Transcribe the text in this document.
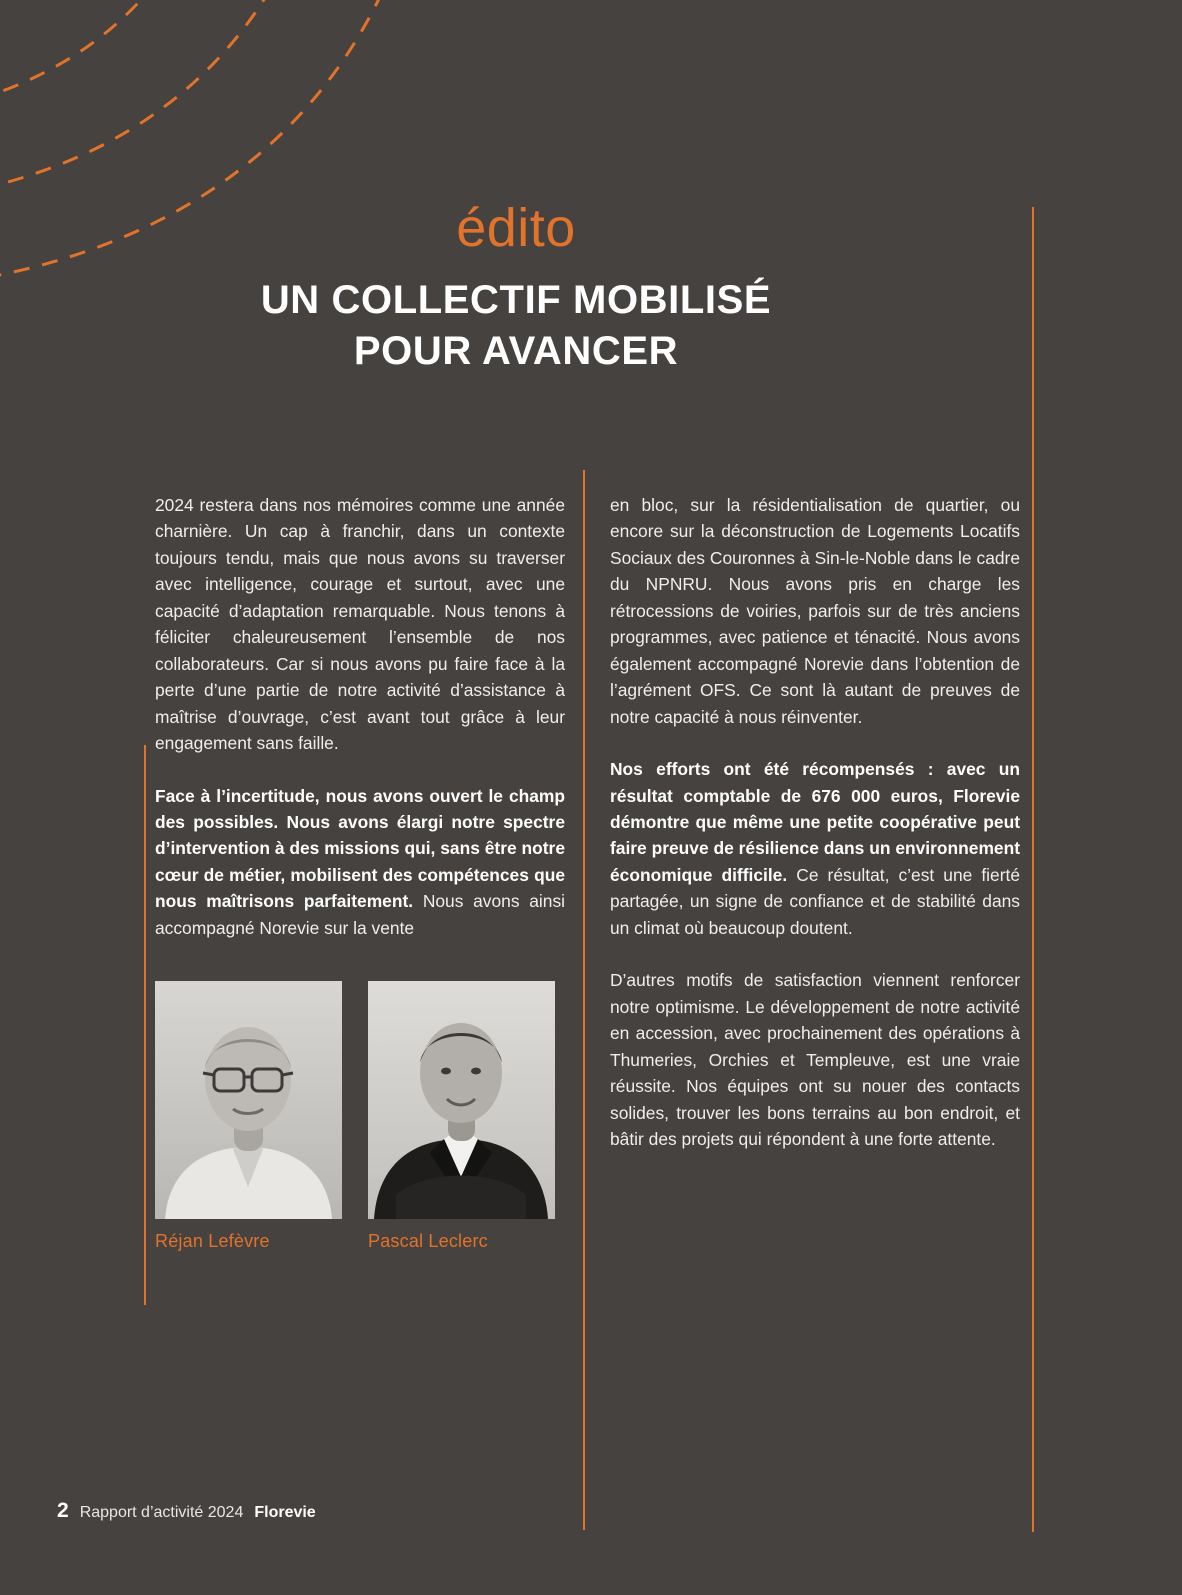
édito
UN COLLECTIF MOBILISÉ
POUR AVANCER

2024 restera dans nos mémoires comme une année charnière. Un cap à franchir, dans un contexte toujours tendu, mais que nous avons su traverser avec intelligence, courage et surtout, avec une capacité d’adaptation remarquable. Nous tenons à féliciter chaleureusement l’ensemble de nos collaborateurs. Car si nous avons pu faire face à la perte d’une partie de notre activité d’assistance à maîtrise d’ouvrage, c’est avant tout grâce à leur engagement sans faille.

Face à l’incertitude, nous avons ouvert le champ des possibles. Nous avons élargi notre spectre d’intervention à des missions qui, sans être notre cœur de métier, mobilisent des compétences que nous maîtrisons parfaitement. Nous avons ainsi accompagné Norevie sur la vente

Réjan Lefèvre	Pascal Leclerc

en bloc, sur la résidentialisation de quartier, ou encore sur la déconstruction de Logements Locatifs Sociaux des Couronnes à Sin-le-Noble dans le cadre du NPNRU. Nous avons pris en charge les rétrocessions de voiries, parfois sur de très anciens programmes, avec patience et ténacité. Nous avons également accompagné Norevie dans l’obtention de l’agrément OFS. Ce sont là autant de preuves de notre capacité à nous réinventer.

Nos efforts ont été récompensés : avec un résultat comptable de 676 000 euros, Florevie démontre que même une petite coopérative peut faire preuve de résilience dans un environnement économique difficile. Ce résultat, c’est une fierté partagée, un signe de confiance et de stabilité dans un climat où beaucoup doutent.

D’autres motifs de satisfaction viennent renforcer notre optimisme. Le développement de notre activité en accession, avec prochainement des opérations à Thumeries, Orchies et Templeuve, est une vraie réussite. Nos équipes ont su nouer des contacts solides, trouver les bons terrains au bon endroit, et bâtir des projets qui répondent à une forte attente.

2 Rapport d’activité 2024 Florevie
